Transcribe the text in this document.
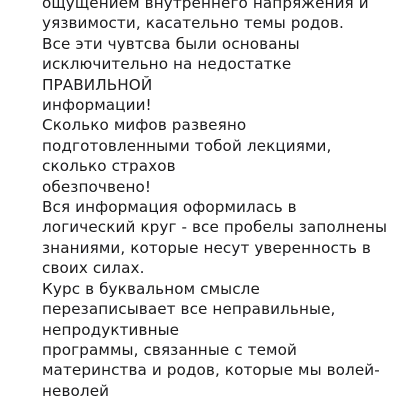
ощущением внутреннего напряжения и
уязвимости, касательно темы родов.
Все эти чувтсва были основаны
исключительно на недостатке
ПРАВИЛЬНОЙ
информации!
Сколько мифов развеяно
подготовленными тобой лекциями,
сколько страхов
обезпочвено!
Вся информация оформилась в
логический круг - все пробелы заполнены
знаниями, которые несут уверенность в
своих силах.
Курс в буквальном смысле
перезаписывает все неправильные,
непродуктивные
программы, связанные с темой
материнства и родов, которые мы волей-
неволей
